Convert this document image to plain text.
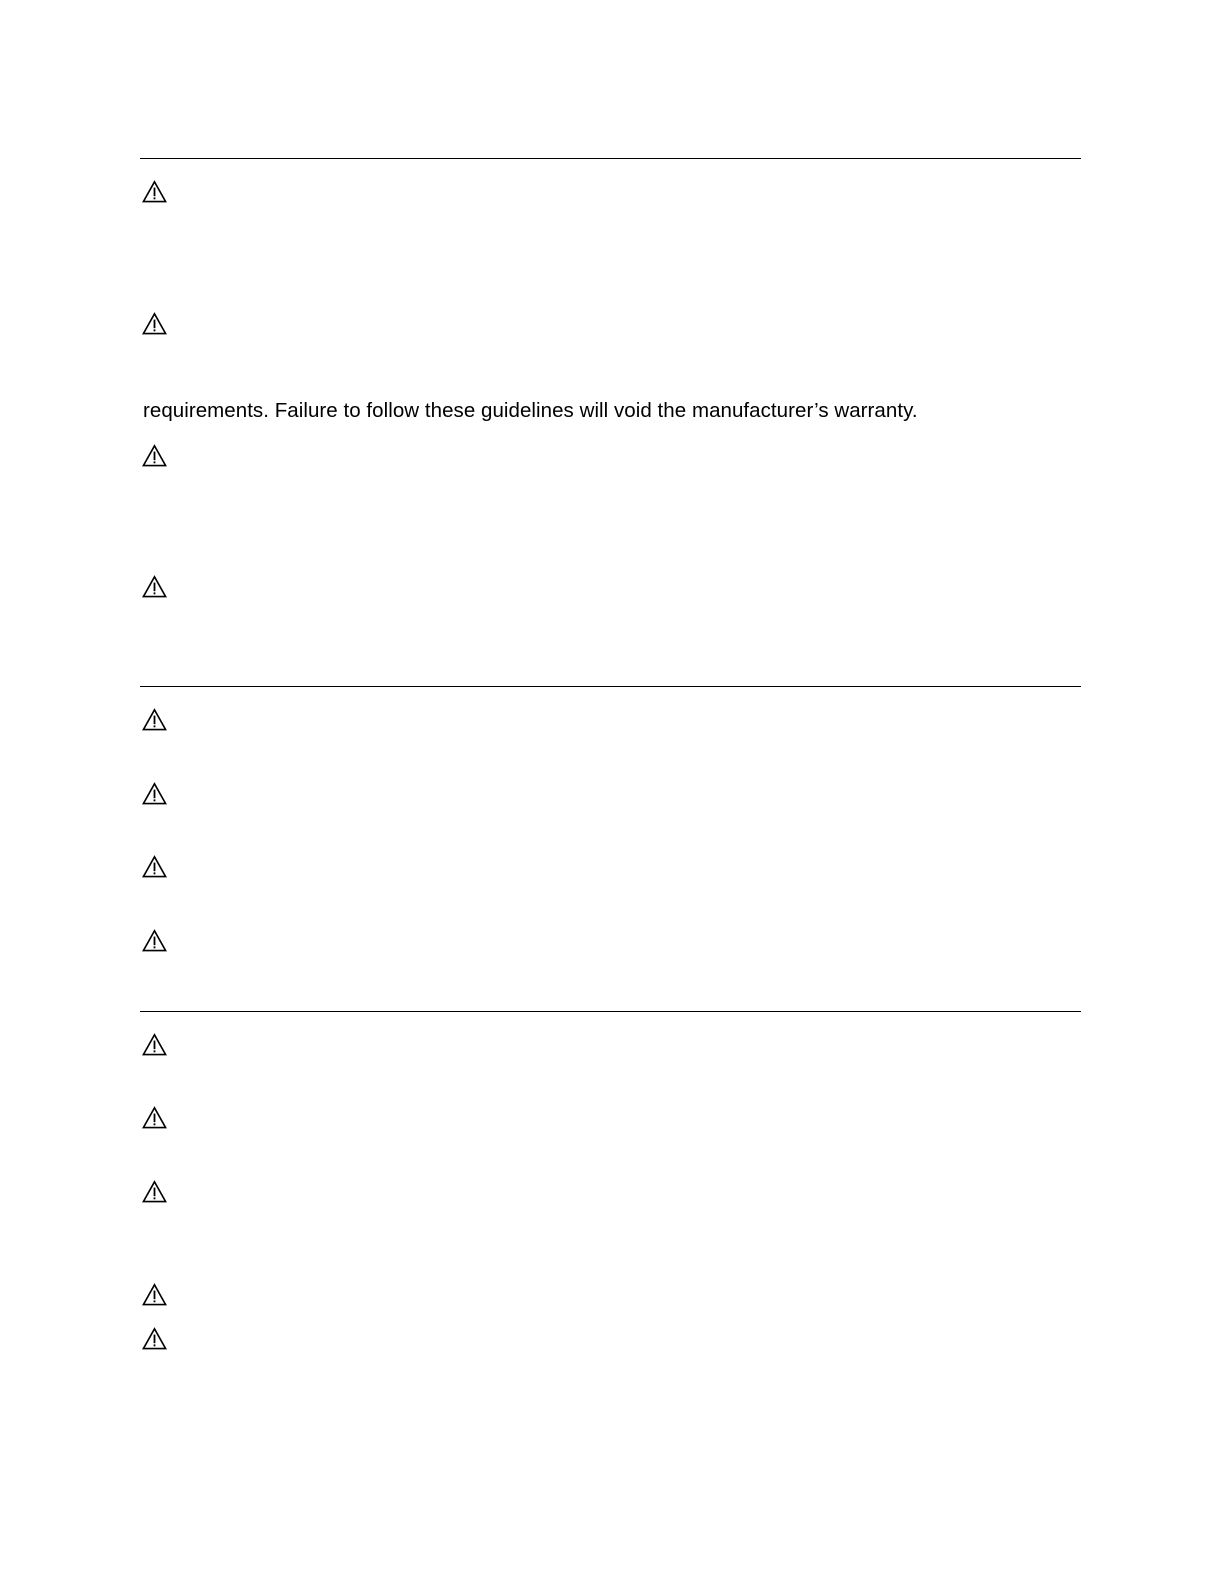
requirements. Failure to follow these guidelines will void the manufacturer’s warranty.
